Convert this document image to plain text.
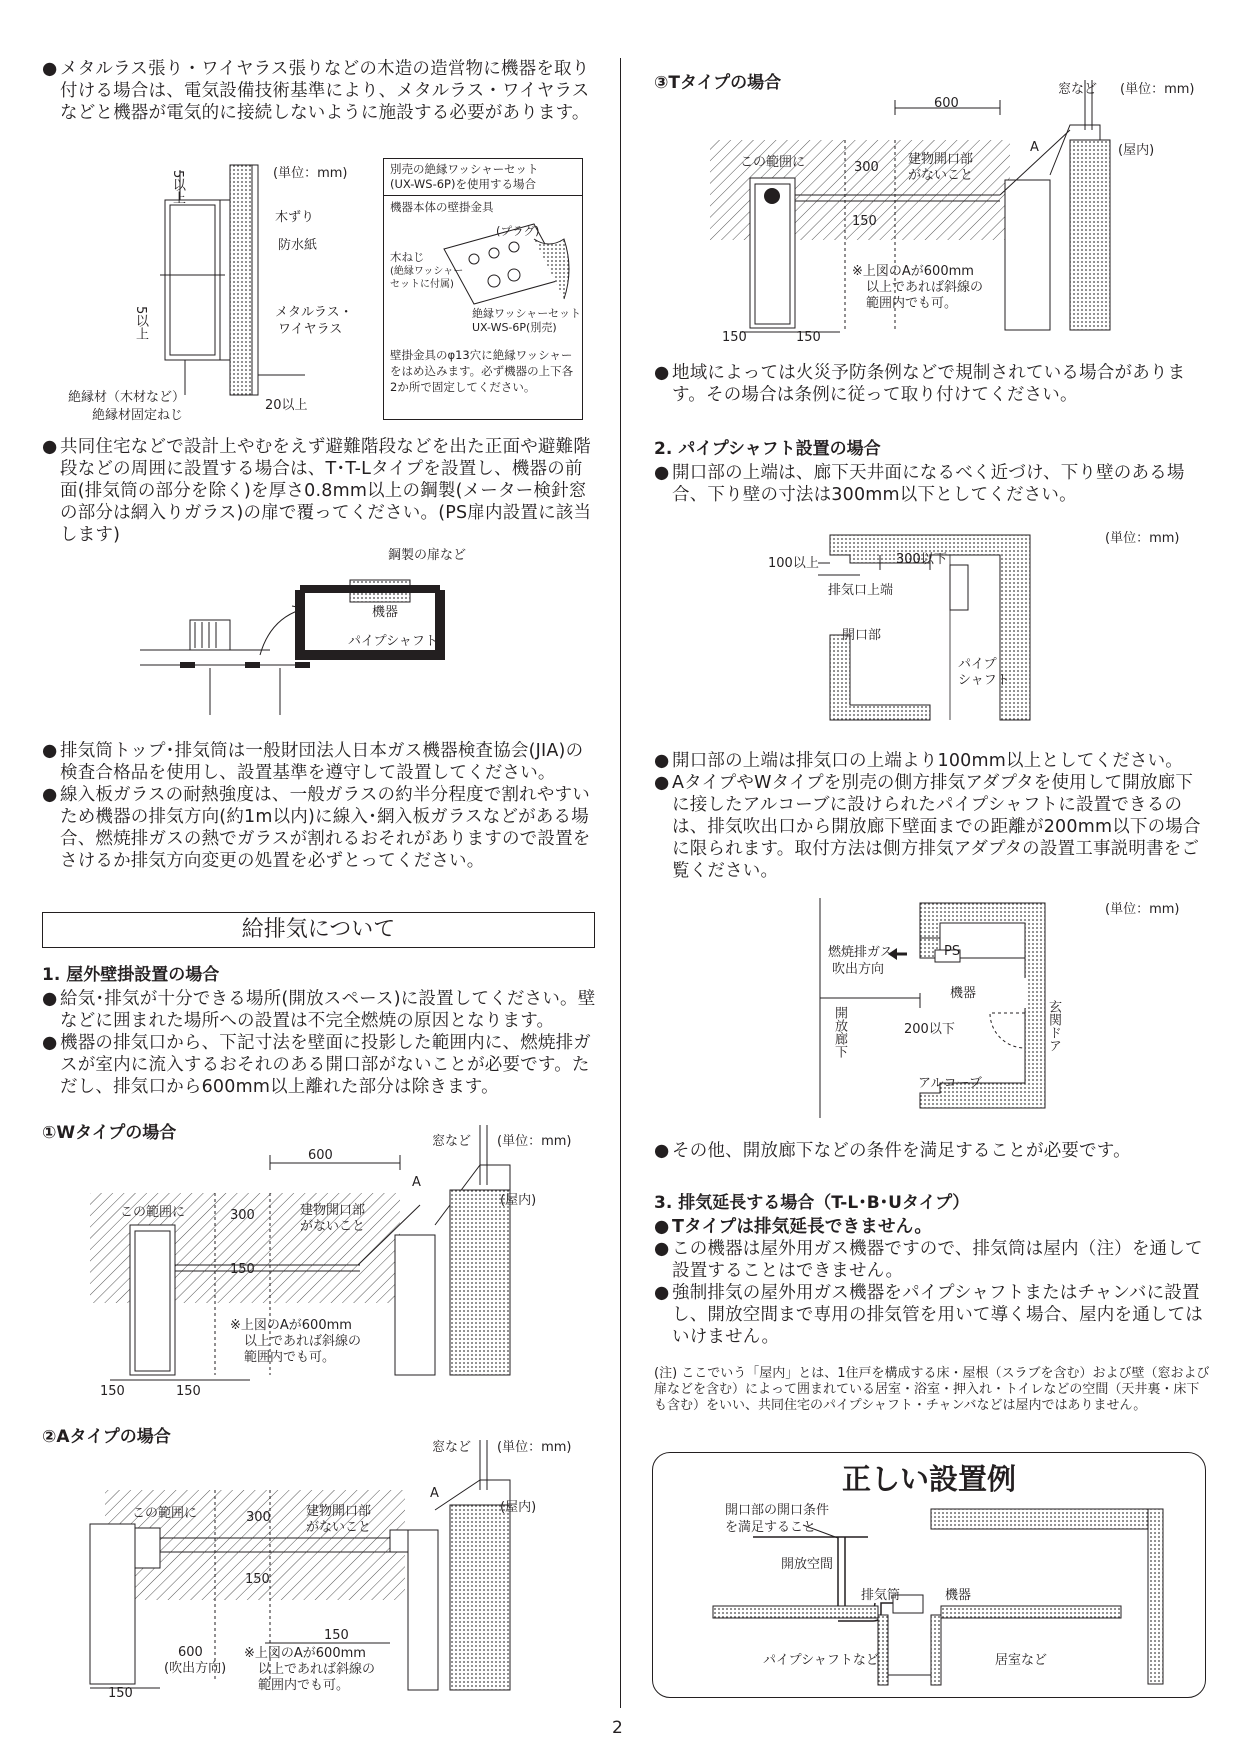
● メタルラス張り・ワイヤラス張りなどの木造の造営物に機器を取り付ける場合は、電気設備技術基準により、メタルラス・ワイヤラスなどと機器が電気的に接続しないように施設する必要があります。
(単位：mm)
5以上
5以上
木ずり
防水紙
メタルラス・
ワイヤラス
絶縁材（木材など）
絶縁材固定ねじ
20以上
別売の絶縁ワッシャーセット
(UX-WS-6P)を使用する場合
機器本体の壁掛金具
(プラグ)
木ねじ
(絶縁ワッシャー
セットに付属)
絶縁ワッシャーセット
UX-WS-6P(別売)
壁掛金具のφ13穴に絶縁ワッシャーをはめ込みます。必ず機器の上下各2か所で固定してください。
● 共同住宅などで設計上やむをえず避難階段などを出た正面や避難階段などの周囲に設置する場合は、T･T-Lタイプを設置し、機器の前面(排気筒の部分を除く)を厚さ0.8mm以上の鋼製(メーター検針窓の部分は網入りガラス)の扉で覆ってください。(PS扉内設置に該当します)
鋼製の扉など
機器
パイプシャフト
● 排気筒トップ･排気筒は一般財団法人日本ガス機器検査協会(JIA)の検査合格品を使用し、設置基準を遵守して設置してください。
● 線入板ガラスの耐熱強度は、一般ガラスの約半分程度で割れやすいため機器の排気方向(約1m以内)に線入･網入板ガラスなどがある場合、燃焼排ガスの熱でガラスが割れるおそれがありますので設置をさけるか排気方向変更の処置を必ずとってください。
給排気について
1. 屋外壁掛設置の場合
● 給気･排気が十分できる場所(開放スペース)に設置してください。壁などに囲まれた場所への設置は不完全燃焼の原因となります。
● 機器の排気口から、下記寸法を壁面に投影した範囲内に、燃焼排ガスが室内に流入するおそれのある開口部がないことが必要です。ただし、排気口から600mm以上離れた部分は除きます。
①Wタイプの場合
600
窓など (単位：mm)
A
(屋内)
この範囲に	300	建物開口部
がないこと
150
※上図のAが600mm
以上であれば斜線の
範囲内でも可。
150	150
②Aタイプの場合
窓など (単位：mm)
(屋内)
A
この範囲に	300	建物開口部
がないこと
150
150
600
(吹出方向)
※上図のAが600mm
以上であれば斜線の
範囲内でも可。
150
③Tタイプの場合
600
窓など (単位：mm)
A	(屋内)
この範囲に	300
建物開口部
がないこと
150
※上図のAが600mm
以上であれば斜線の
範囲内でも可。
150	150
● 地域によっては火災予防条例などで規制されている場合があります。その場合は条例に従って取り付けてください。
2. パイプシャフト設置の場合
● 開口部の上端は、廊下天井面になるべく近づけ、下り壁のある場合、下り壁の寸法は300mm以下としてください。
(単位：mm)
100以上	300以下
排気口上端
開口部
パイプ
シャフト
● 開口部の上端は排気口の上端より100mm以上としてください。
● AタイプやWタイプを別売の側方排気アダプタを使用して開放廊下に接したアルコーブに設けられたパイプシャフトに設置できるのは、排気吹出口から開放廊下壁面までの距離が200mm以下の場合に限られます。取付方法は側方排気アダプタの設置工事説明書をご覧ください。
(単位：mm)
燃焼排ガス
吹出方向
PS
機器
開放廊下	200以下	玄関ドア
アルコーブ
● その他、開放廊下などの条件を満足することが必要です。
3. 排気延長する場合（T-L･B･Uタイプ）
● Tタイプは排気延長できません。
● この機器は屋外用ガス機器ですので、排気筒は屋内（注）を通して設置することはできません。
● 強制排気の屋外用ガス機器をパイプシャフトまたはチャンバに設置し、開放空間まで専用の排気管を用いて導く場合、屋内を通してはいけません。
(注) ここでいう「屋内」とは、1住戸を構成する床・屋根（スラブを含む）および壁（窓および扉などを含む）によって囲まれている居室・浴室・押入れ・トイレなどの空間（天井裏・床下も含む）をいい、共同住宅のパイプシャフト・チャンバなどは屋内ではありません。
正しい設置例
開口部の開口条件
を満足すること
開放空間
排気筒	機器
パイプシャフトなど	居室など
2
